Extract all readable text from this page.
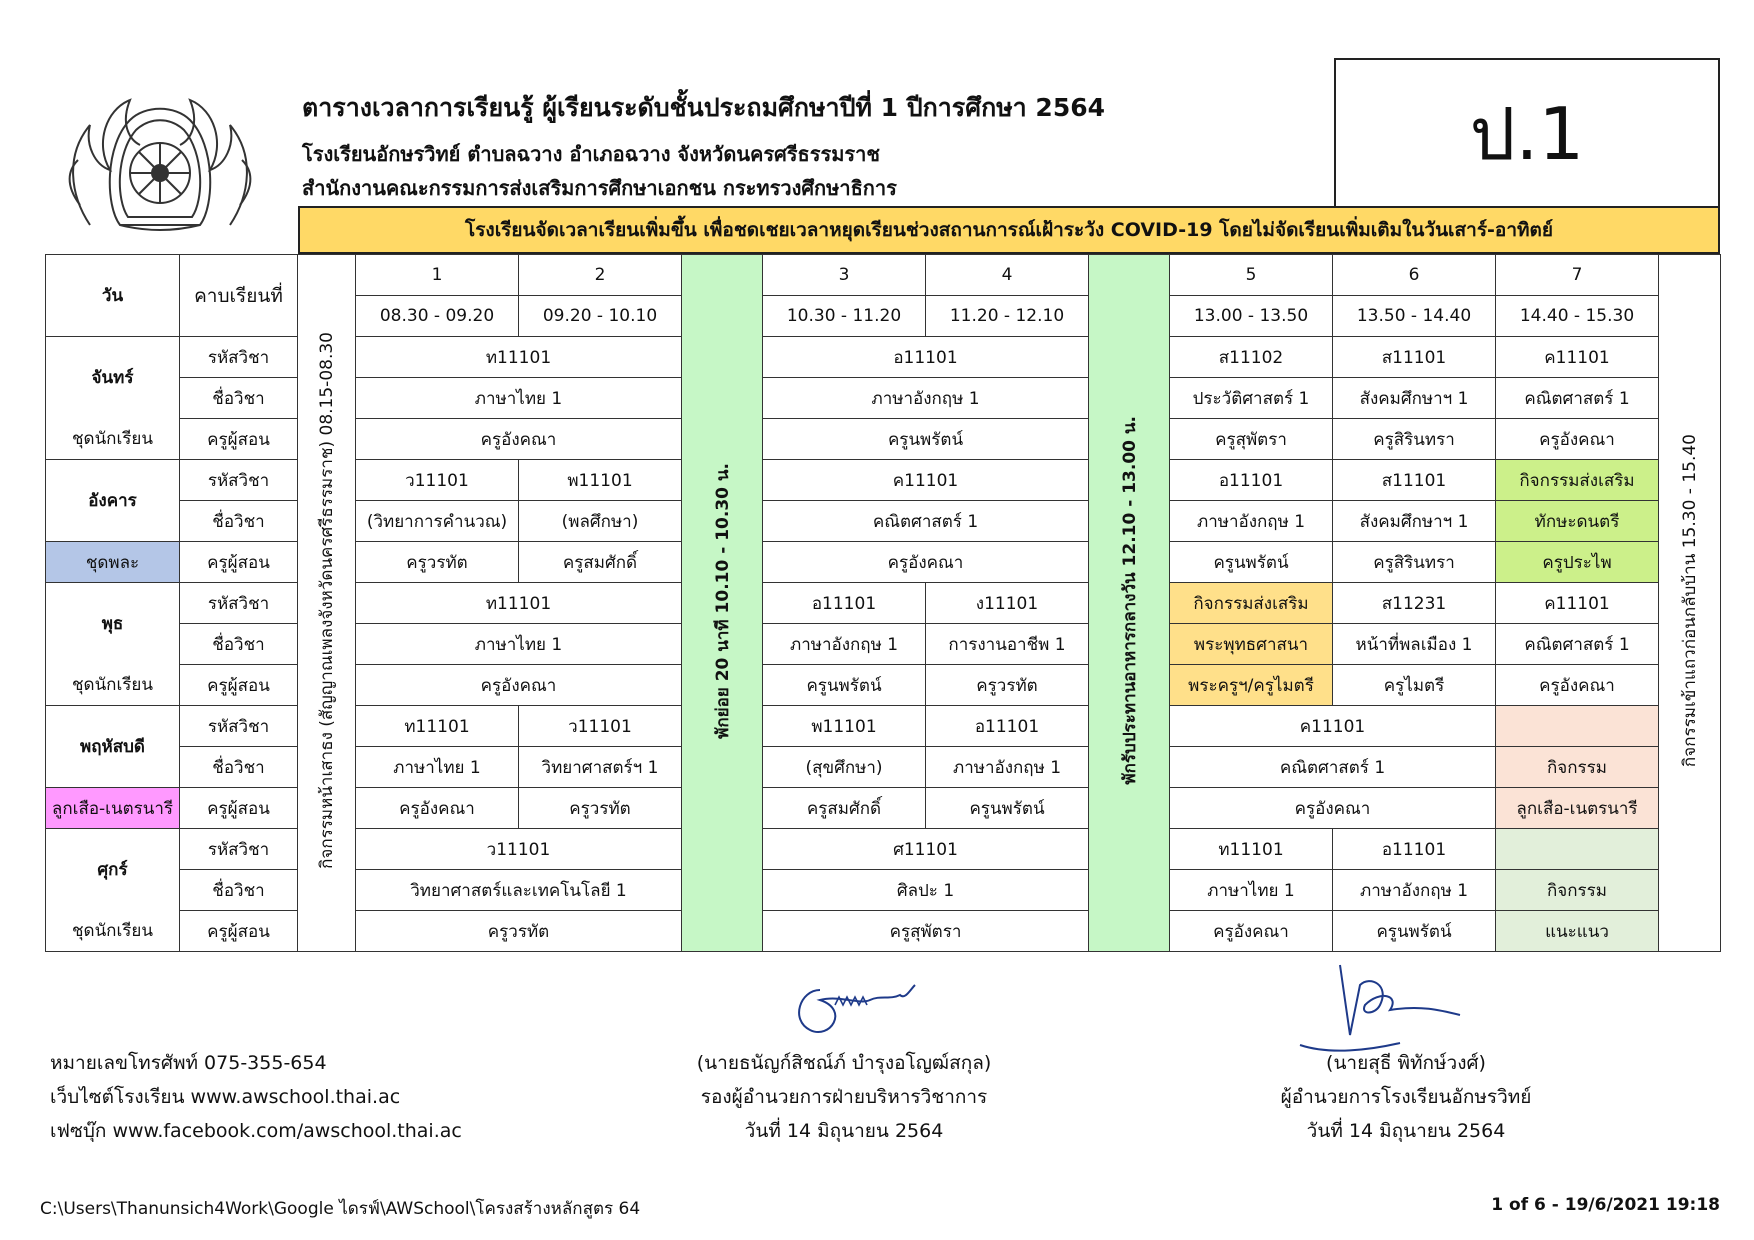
ตารางเวลาการเรียนรู้ ผู้เรียนระดับชั้นประถมศึกษาปีที่ 1 ปีการศึกษา 2564
โรงเรียนอักษรวิทย์ ตำบลฉวาง อำเภอฉวาง จังหวัดนครศรีธรรมราช
สำนักงานคณะกรรมการส่งเสริมการศึกษาเอกชน กระทรวงศึกษาธิการ
ป.1
โรงเรียนจัดเวลาเรียนเพิ่มขึ้น เพื่อชดเชยเวลาหยุดเรียนช่วงสถานการณ์เฝ้าระวัง COVID-19 โดยไม่จัดเรียนเพิ่มเติมในวันเสาร์-อาทิตย์
วัน	คาบเรียนที่	กิจกรรมหน้าเสาธง (สัญญาณเพลงจังหวัดนครศรีธรรมราช) 08.15-08.30	1	2	พักย่อย 20 นาที 10.10 - 10.30 น.	3	4	พักรับประทานอาหารกลางวัน 12.10 - 13.00 น.	5	6	7	กิจกรรมเข้าแถวก่อนกลับบ้าน 15.30 - 15.40
			08.30 - 09.20	09.20 - 10.10		10.30 - 11.20	11.20 - 12.10		13.00 - 13.50	13.50 - 14.40	14.40 - 15.30	
จันทร์	รหัสวิชา		ท11101			อ11101			ส11102	ส11101	ค11101	
	ชื่อวิชา		ภาษาไทย 1			ภาษาอังกฤษ 1			ประวัติศาสตร์ 1	สังคมศึกษาฯ 1	คณิตศาสตร์ 1	
ชุดนักเรียน	ครูผู้สอน		ครูอังคณา			ครูนพรัตน์			ครูสุพัตรา	ครูสิรินทรา	ครูอังคณา	
อังคาร	รหัสวิชา		ว11101	พ11101		ค11101			อ11101	ส11101	กิจกรรมส่งเสริม	
	ชื่อวิชา		(วิทยาการคำนวณ)	(พลศึกษา)		คณิตศาสตร์ 1			ภาษาอังกฤษ 1	สังคมศึกษาฯ 1	ทักษะดนตรี	
ชุดพละ	ครูผู้สอน		ครูวรทัต	ครูสมศักดิ์		ครูอังคณา			ครูนพรัตน์	ครูสิรินทรา	ครูประไพ	
พุธ	รหัสวิชา		ท11101			อ11101	ง11101		กิจกรรมส่งเสริม	ส11231	ค11101	
	ชื่อวิชา		ภาษาไทย 1			ภาษาอังกฤษ 1	การงานอาชีพ 1		พระพุทธศาสนา	หน้าที่พลเมือง 1	คณิตศาสตร์ 1	
ชุดนักเรียน	ครูผู้สอน		ครูอังคณา			ครูนพรัตน์	ครูวรทัต		พระครูฯ/ครูไมตรี	ครูไมตรี	ครูอังคณา	
พฤหัสบดี	รหัสวิชา		ท11101	ว11101		พ11101	อ11101		ค11101			
	ชื่อวิชา		ภาษาไทย 1	วิทยาศาสตร์ฯ 1		(สุขศึกษา)	ภาษาอังกฤษ 1		คณิตศาสตร์ 1		กิจกรรม	
ลูกเสือ-เนตรนารี	ครูผู้สอน		ครูอังคณา	ครูวรทัต		ครูสมศักดิ์	ครูนพรัตน์		ครูอังคณา		ลูกเสือ-เนตรนารี	
ศุกร์	รหัสวิชา		ว11101			ศ11101			ท11101	อ11101		
	ชื่อวิชา		วิทยาศาสตร์และเทคโนโลยี 1			ศิลปะ 1			ภาษาไทย 1	ภาษาอังกฤษ 1	กิจกรรม	
ชุดนักเรียน	ครูผู้สอน		ครูวรทัต			ครูสุพัตรา			ครูอังคณา	ครูนพรัตน์	แนะแนว	
หมายเลขโทรศัพท์ 075-355-654
เว็บไซต์โรงเรียน www.awschool.thai.ac
เฟซบุ๊ก www.facebook.com/awschool.thai.ac
(นายธนัญก์สิชณ์ภ์ บำรุงอโญฒ์สกุล)
รองผู้อำนวยการฝ่ายบริหารวิชาการ
วันที่ 14 มิถุนายน 2564
(นายสุธี พิทักษ์วงศ์)
ผู้อำนวยการโรงเรียนอักษรวิทย์
วันที่ 14 มิถุนายน 2564
C:\Users\Thanunsich4Work\Google ไดรฟ์\AWSchool\โครงสร้างหลักสูตร 64	1 of 6 - 19/6/2021 19:18
